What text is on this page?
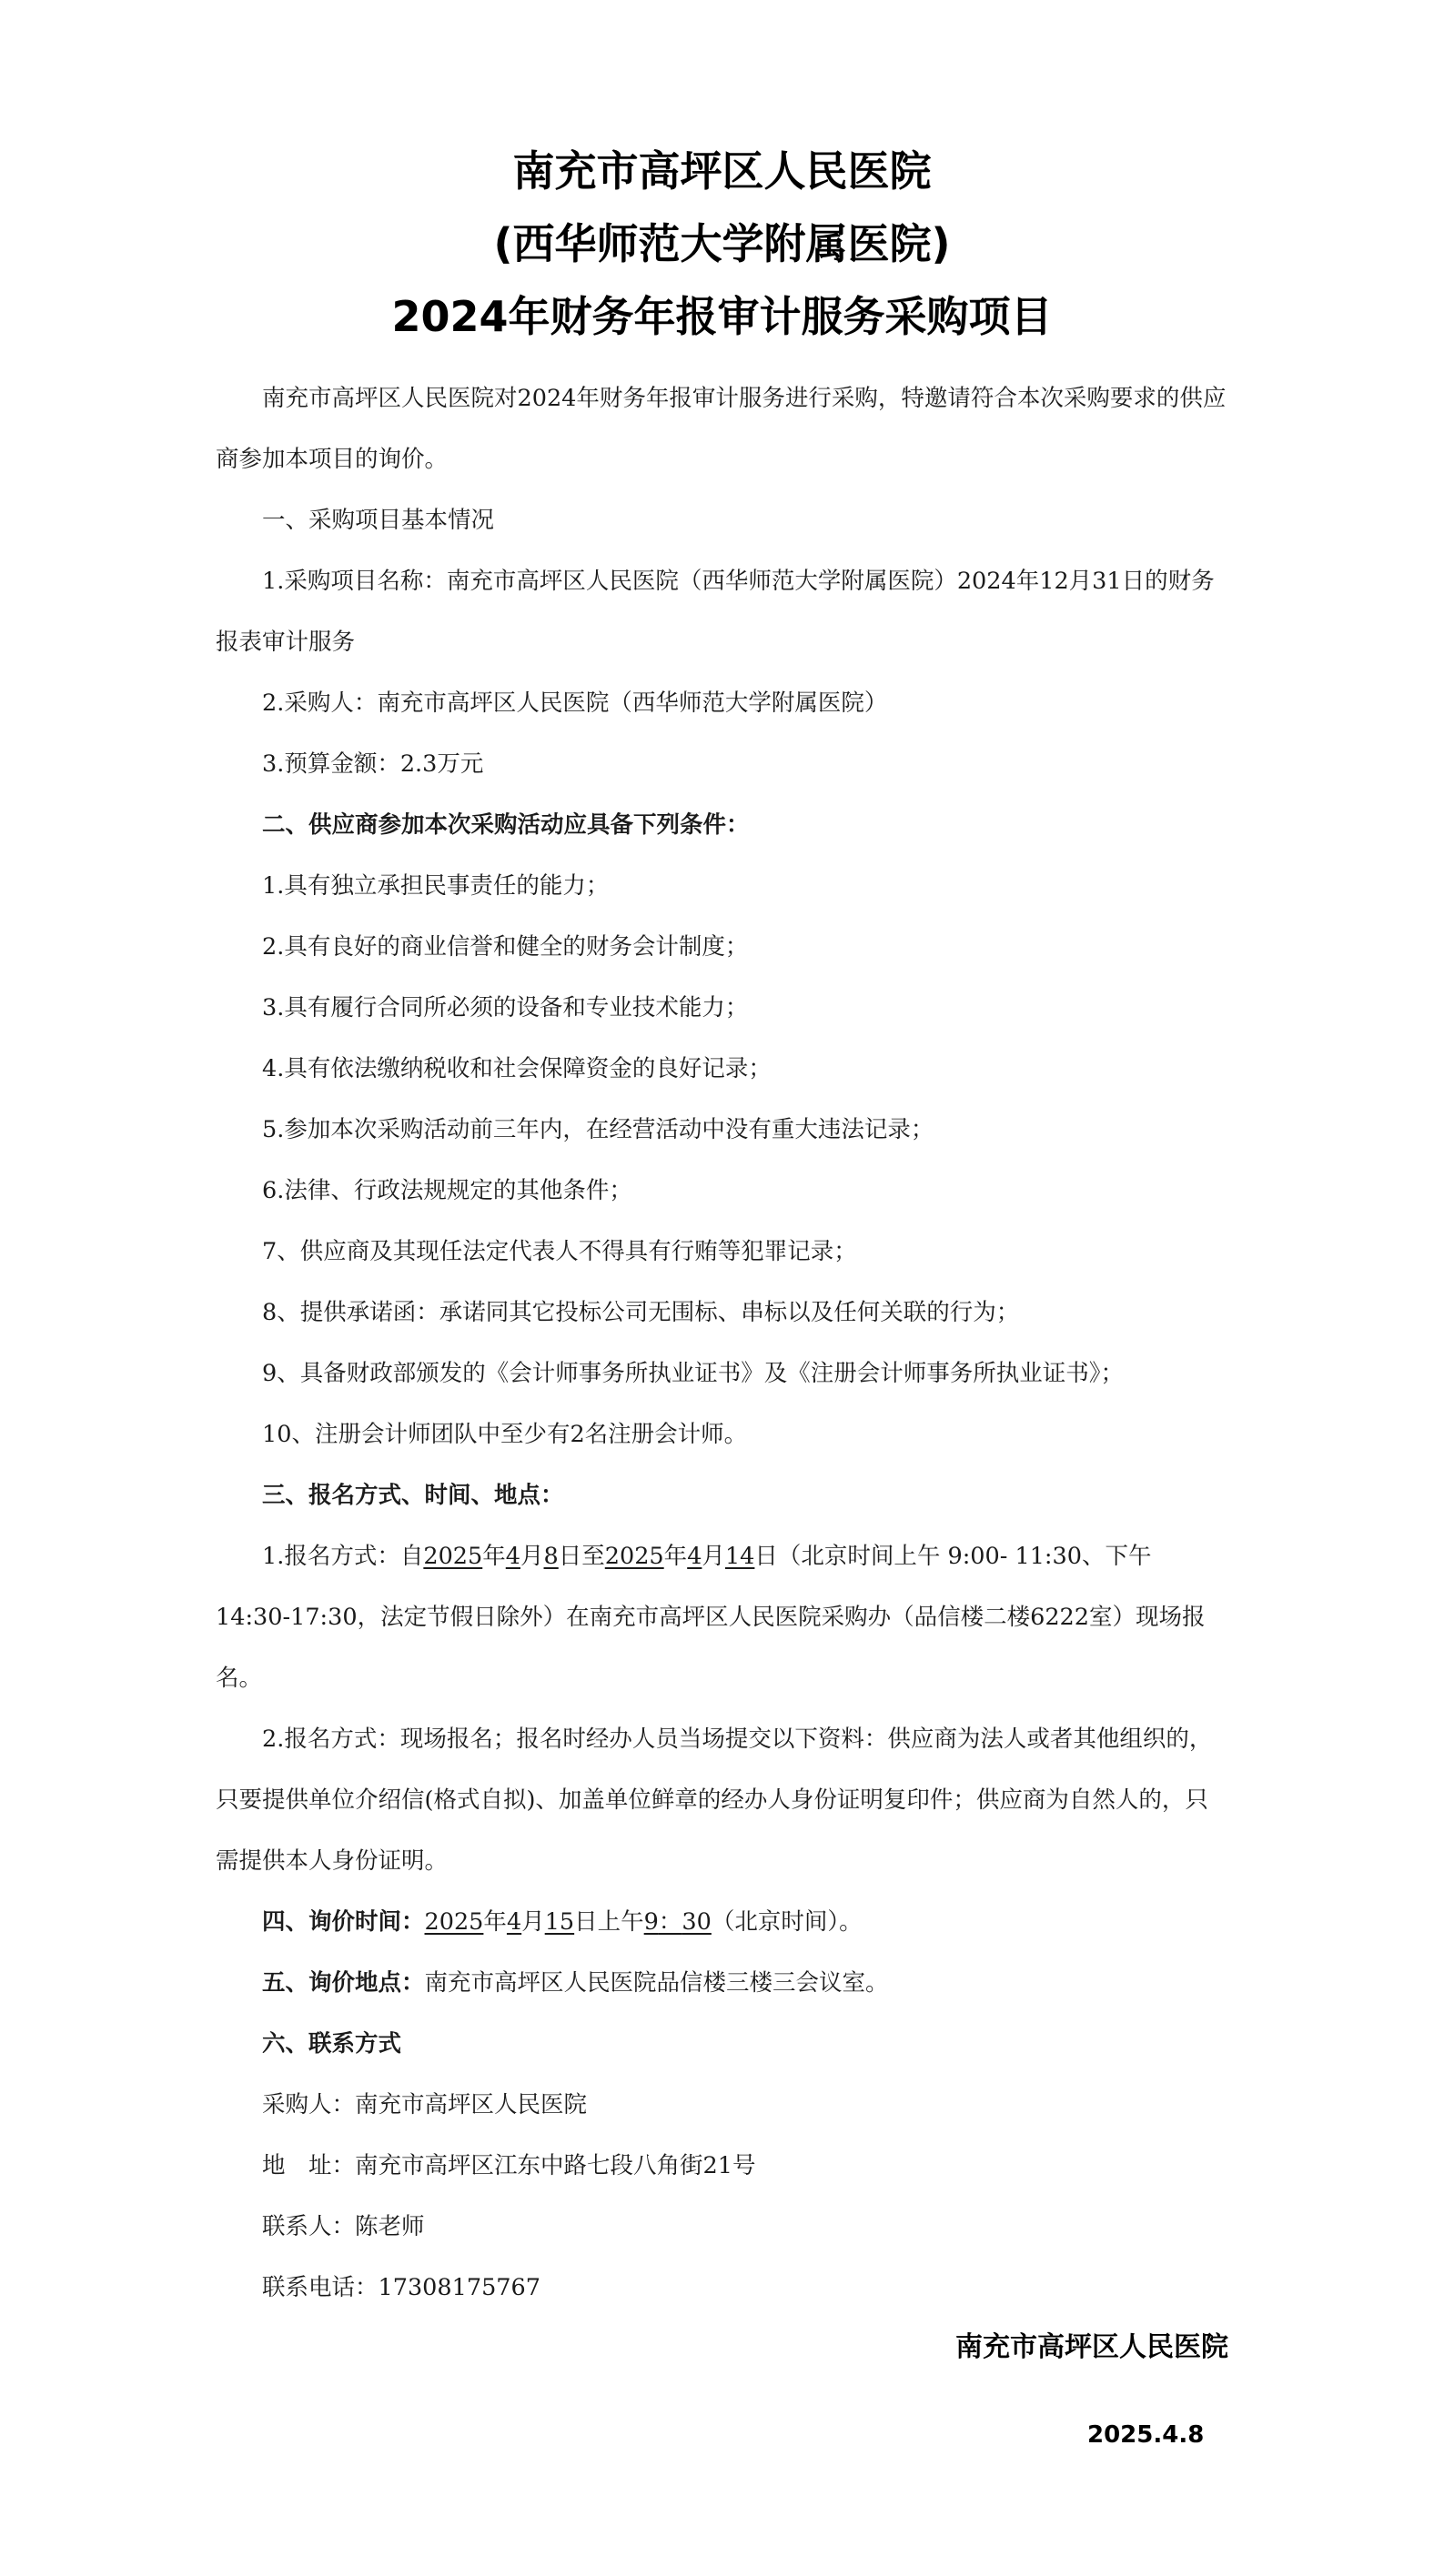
南充市高坪区人民医院
(西华师范大学附属医院)
2024年财务年报审计服务采购项目

南充市高坪区人民医院对2024年财务年报审计服务进行采购，特邀请符合本次采购要求的供应商参加本项目的询价。

一、采购项目基本情况

1.采购项目名称：南充市高坪区人民医院（西华师范大学附属医院）2024年12月31日的财务报表审计服务

2.采购人：南充市高坪区人民医院（西华师范大学附属医院）

3.预算金额：2.3万元

二、供应商参加本次采购活动应具备下列条件：

1.具有独立承担民事责任的能力；

2.具有良好的商业信誉和健全的财务会计制度；

3.具有履行合同所必须的设备和专业技术能力；

4.具有依法缴纳税收和社会保障资金的良好记录；

5.参加本次采购活动前三年内，在经营活动中没有重大违法记录；

6.法律、行政法规规定的其他条件；

7、供应商及其现任法定代表人不得具有行贿等犯罪记录；

8、提供承诺函：承诺同其它投标公司无围标、串标以及任何关联的行为；

9、具备财政部颁发的《会计师事务所执业证书》及《注册会计师事务所执业证书》；

10、注册会计师团队中至少有2名注册会计师。

三、报名方式、时间、地点：

1.报名方式：自2025年4月8日至2025年4月14日（北京时间上午 9:00- 11:30、下午 14:30-17:30，法定节假日除外）在南充市高坪区人民医院采购办（品信楼二楼6222室）现场报名。

2.报名方式：现场报名；报名时经办人员当场提交以下资料：供应商为法人或者其他组织的，只要提供单位介绍信(格式自拟)、加盖单位鲜章的经办人身份证明复印件；供应商为自然人的，只需提供本人身份证明。

四、询价时间：2025年4月15日上午9：30（北京时间）。

五、询价地点：南充市高坪区人民医院品信楼三楼三会议室。

六、联系方式

采购人：南充市高坪区人民医院

地　址：南充市高坪区江东中路七段八角街21号

联系人：陈老师

联系电话：17308175767

南充市高坪区人民医院
2025.4.8
